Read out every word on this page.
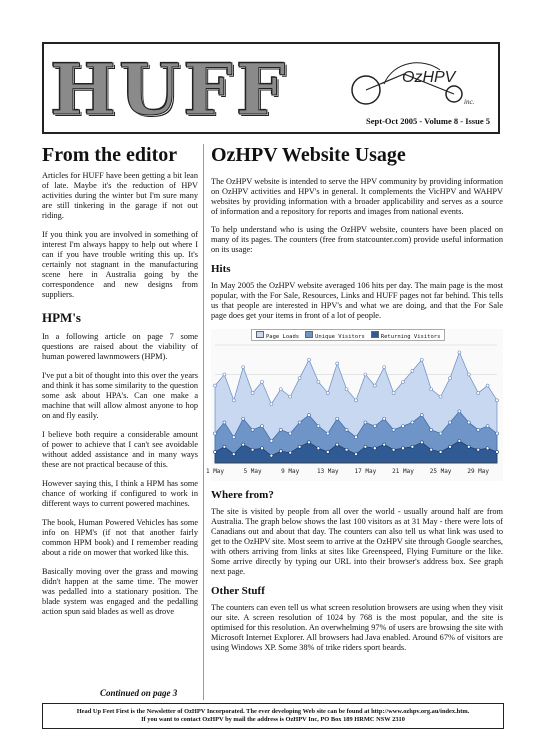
HUFF	OzHPV
inc.
Sept-Oct 2005 - Volume 8 - Issue 5
From the editor

Articles for HUFF have been getting a bit lean of late. Maybe it's the reduction of HPV activities during the winter but I'm sure many are still tinkering in the garage if not out riding.

If you think you are involved in something of interest I'm always happy to help out where I can if you have trouble writing this up. It's certainly not stagnant in the manufacturing scene here in Australia going by the correspondence and new designs from suppliers.

HPM's

In a following article on page 7 some questions are raised about the viability of human powered lawnmowers (HPM).

I've put a bit of thought into this over the years and think it has some similarity to the question some ask about HPA's. Can one make a machine that will allow almost anyone to hop on and fly easily.

I believe both require a considerable amount of power to achieve that I can't see avoidable without added assistance and in many ways these are not practical because of this.

However saying this, I think a HPM has some chance of working if configured to work in different ways to current powered machines.

The book, Human Powered Vehicles has some info on HPM's (if not that another fairly common HPM book) and I remember reading about a ride on mower that worked like this.

Basically moving over the grass and mowing didn't happen at the same time. The mower was pedalled into a stationary position. The blade system was engaged and the pedalling action spun said blades as well as drove

Continued on page 3
OzHPV Website Usage

The OzHPV website is intended to serve the HPV community by providing information on OzHPV activities and HPV's in general. It complements the VicHPV and WAHPV websites by providing information with a broader applicability and serves as a source of information and a repository for reports and images from national events.

To help understand who is using the OzHPV website, counters have been placed on many of its pages. The counters (free from statcounter.com) provide useful information on its usage:

Hits

In May 2005 the OzHPV website averaged 106 hits per day. The main page is the most popular, with the For Sale, Resources, Links and HUFF pages not far behind. This tells us that people are interested in HPV's and what we are doing, and that the For Sale page does get your items in front of a lot of people.

Page Loads	Unique Visitors	Returning Visitors
1 May	5 May	9 May	13 May	17 May	21 May	25 May	29 May
Where from?

The site is visited by people from all over the world - usually around half are from Australia. The graph below shows the last 100 visitors as at 31 May - there were lots of Canadians out and about that day. The counters can also tell us what link was used to get to the OzHPV site. Most seem to arrive at the OzHPV site through Google searches, with others arriving from links at sites like Greenspeed, Flying Furniture or the like. Some arrive directly by typing our URL into their browser's address box. See graph next page.

Other Stuff

The counters can even tell us what screen resolution browsers are using when they visit our site. A screen resolution of 1024 by 768 is the most popular, and the site is optimised for this resolution. An overwhelming 97% of users are browsing the site with Microsoft Internet Explorer. All browsers had Java enabled. Around 67% of visitors are using Windows XP. Some 38% of trike riders sport beards.

Head Up Feet First is the Newsletter of OzHPV Incorporated. The ever developing Web site can be found at http://www.ozhpv.org.au/index.htm.
If you want to contact OzHPV by mail the address is OzHPV Inc, PO Box 189 HRMC NSW 2310
